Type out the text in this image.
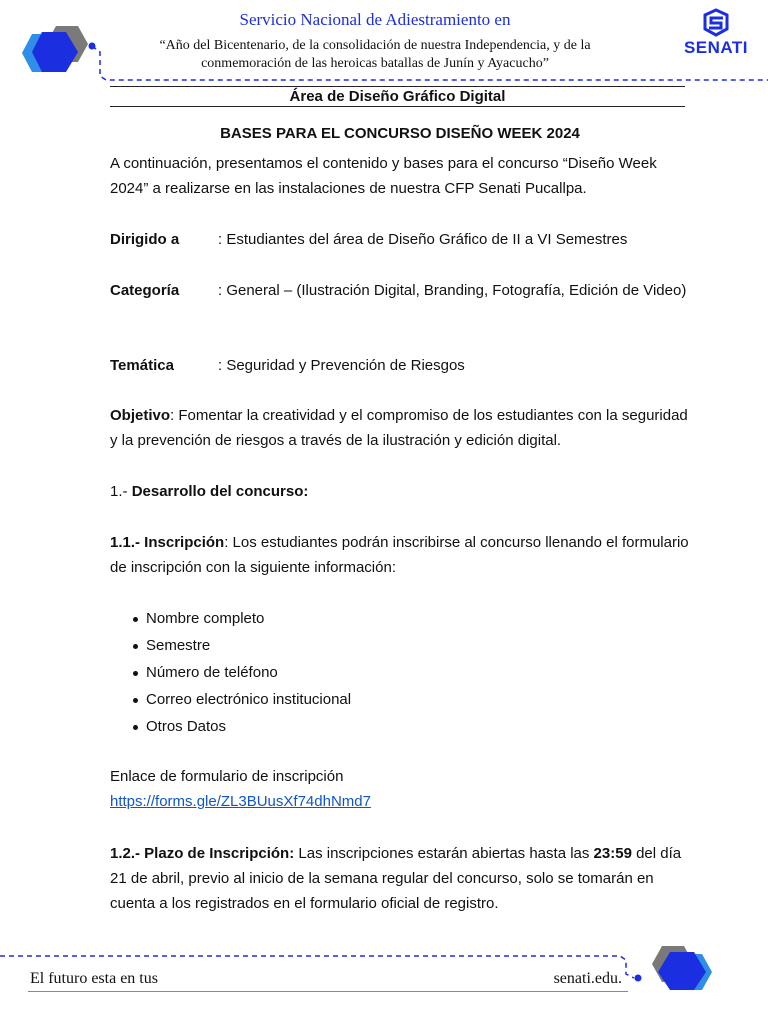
Servicio Nacional de Adiestramiento en
“Año del Bicentenario, de la consolidación de nuestra Independencia, y de la
conmemoración de las heroicas batallas de Junín y Ayacucho”
SENATI
Área de Diseño Gráfico Digital
BASES PARA EL CONCURSO DISEÑO WEEK 2024
A continuación, presentamos el contenido y bases para el concurso “Diseño Week 2024” a realizarse en las instalaciones de nuestra CFP Senati Pucallpa.
Dirigido a	: Estudiantes del área de Diseño Gráfico de II a VI Semestres
Categoría	: General – (Ilustración Digital, Branding, Fotografía, Edición de Video)
Temática	: Seguridad y Prevención de Riesgos
Objetivo: Fomentar la creatividad y el compromiso de los estudiantes con la seguridad y la prevención de riesgos a través de la ilustración y edición digital.
1.- Desarrollo del concurso:
1.1.- Inscripción: Los estudiantes podrán inscribirse al concurso llenando el formulario de inscripción con la siguiente información:
Nombre completo
Semestre
Número de teléfono
Correo electrónico institucional
Otros Datos
Enlace de formulario de inscripción
https://forms.gle/ZL3BUusXf74dhNmd7
1.2.- Plazo de Inscripción: Las inscripciones estarán abiertas hasta las 23:59 del día 21 de abril, previo al inicio de la semana regular del concurso, solo se tomarán en cuenta a los registrados en el formulario oficial de registro.
El futuro esta en tus	senati.edu.
